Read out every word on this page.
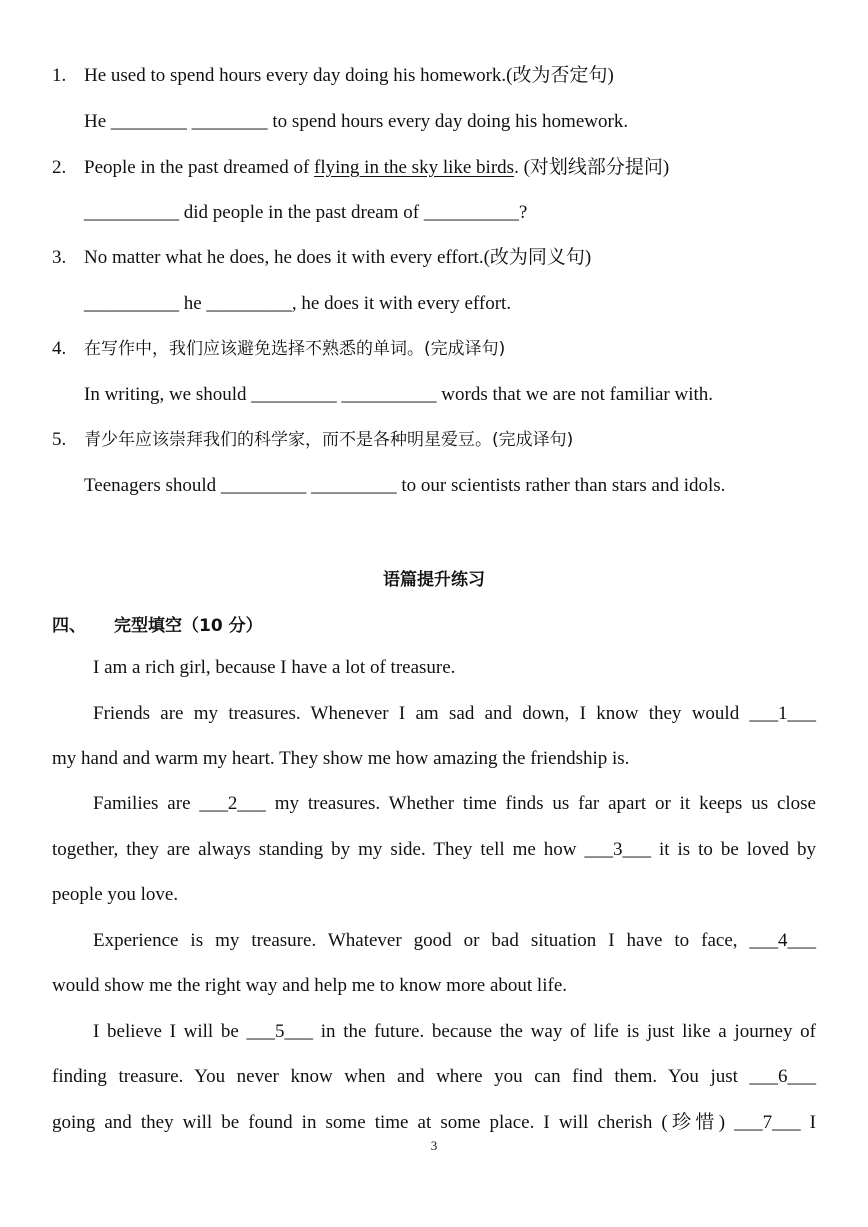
1. He used to spend hours every day doing his homework.(改为否定句)
He ________ ________ to spend hours every day doing his homework.
2. People in the past dreamed of flying in the sky like birds. (对划线部分提问)
__________ did people in the past dream of __________?
3. No matter what he does, he does it with every effort.(改为同义句)
__________ he _________, he does it with every effort.
4. 在写作中，我们应该避免选择不熟悉的单词。(完成译句)
In writing, we should _________ __________ words that we are not familiar with.
5. 青少年应该崇拜我们的科学家，而不是各种明星爱豆。(完成译句)
Teenagers should _________ _________ to our scientists rather than stars and idols.
语篇提升练习
四、 完型填空（10 分）
I am a rich girl, because I have a lot of treasure.
Friends are my treasures. Whenever I am sad and down, I know they would ___1___
my hand and warm my heart. They show me how amazing the friendship is.
Families are ___2___ my treasures. Whether time finds us far apart or it keeps us close
together, they are always standing by my side. They tell me how ___3___ it is to be loved by
people you love.
Experience is my treasure. Whatever good or bad situation I have to face, ___4___
would show me the right way and help me to know more about life.
I believe I will be ___5___ in the future. because the way of life is just like a journey of
finding treasure. You never know when and where you can find them. You just ___6___
going and they will be found in some time at some place. I will cherish (珍惜) ___7___ I
3
